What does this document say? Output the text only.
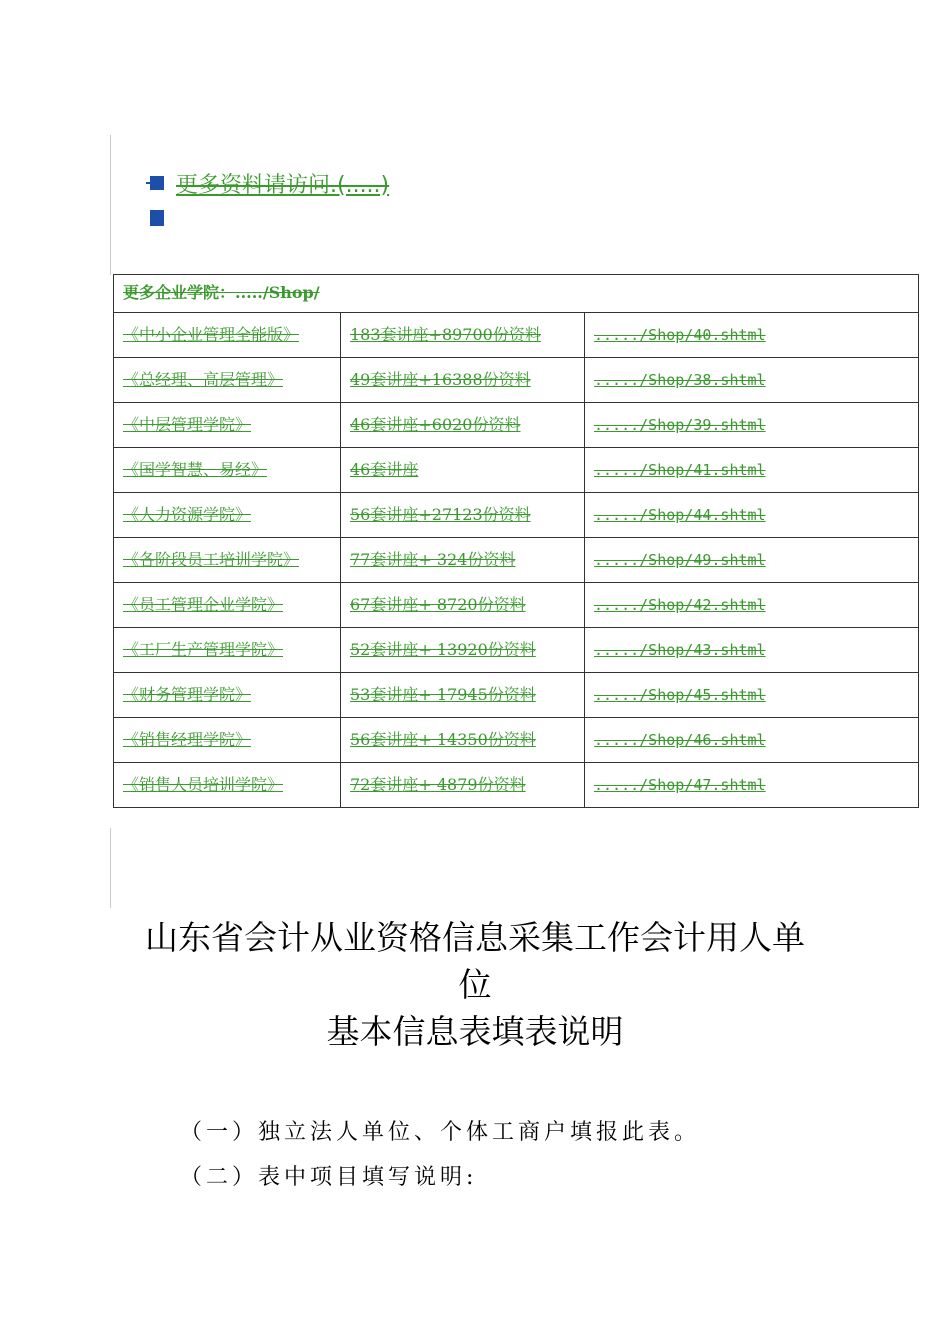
更多资料请访问.(.....)
更多企业学院：...../Shop/		
《中小企业管理全能版》	183套讲座+89700份资料	...../Shop/40.shtml
《总经理、高层管理》	49套讲座+16388份资料	...../Shop/38.shtml
《中层管理学院》	46套讲座+6020份资料	...../Shop/39.shtml
《国学智慧、易经》	46套讲座	...../Shop/41.shtml
《人力资源学院》	56套讲座+27123份资料	...../Shop/44.shtml
《各阶段员工培训学院》	77套讲座+ 324份资料	...../Shop/49.shtml
《员工管理企业学院》	67套讲座+ 8720份资料	...../Shop/42.shtml
《工厂生产管理学院》	52套讲座+ 13920份资料	...../Shop/43.shtml
《财务管理学院》	53套讲座+ 17945份资料	...../Shop/45.shtml
《销售经理学院》	56套讲座+ 14350份资料	...../Shop/46.shtml
《销售人员培训学院》	72套讲座+ 4879份资料	...../Shop/47.shtml
山东省会计从业资格信息采集工作会计用人单
位
基本信息表填表说明
（一）独立法人单位、个体工商户填报此表。
（二）表中项目填写说明:
